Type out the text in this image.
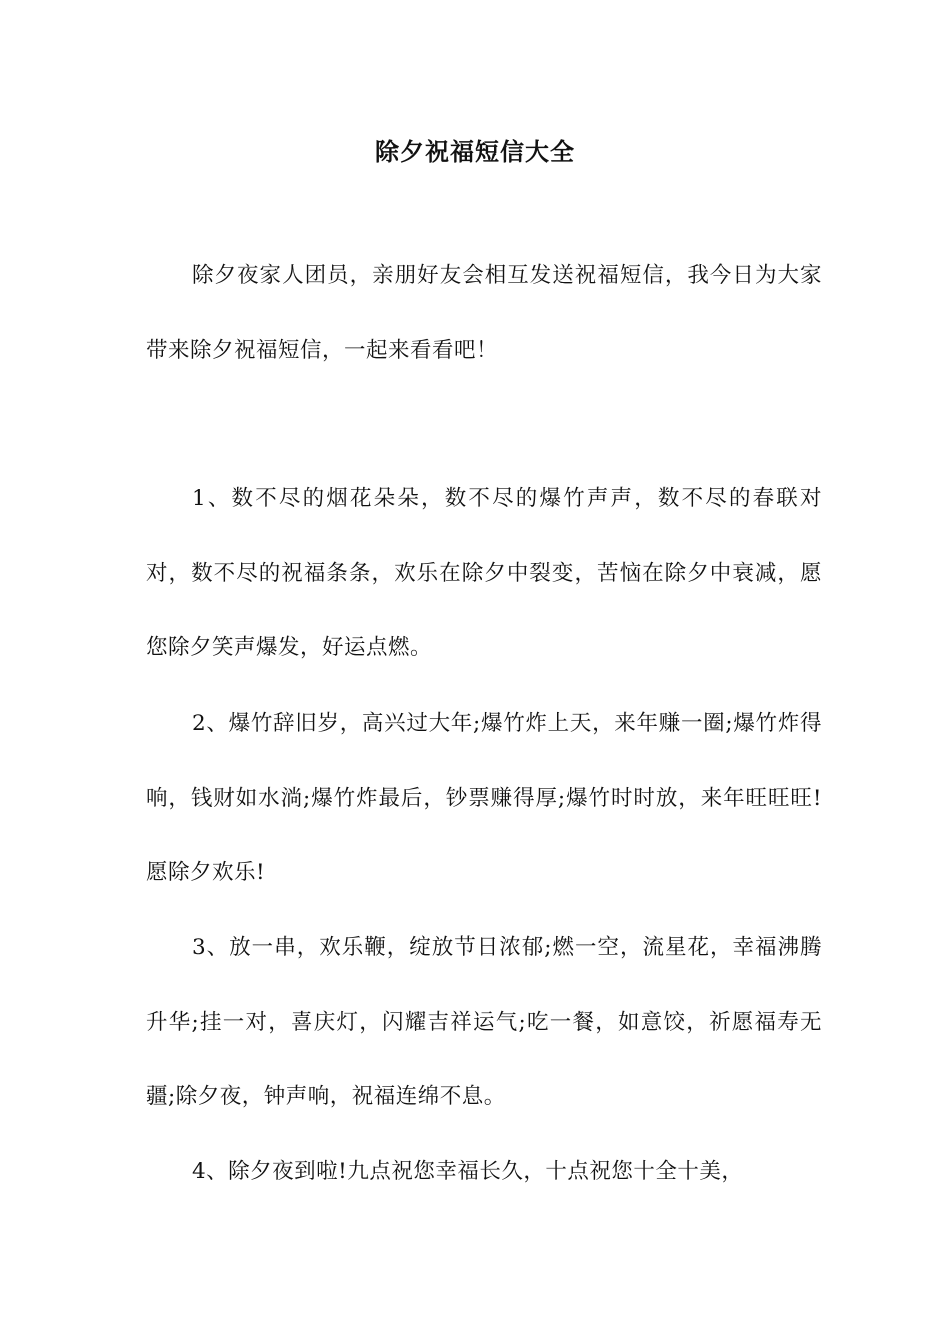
除夕祝福短信大全

除夕夜家人团员，亲朋好友会相互发送祝福短信，我今日为大家带来除夕祝福短信，一起来看看吧！

1、数不尽的烟花朵朵，数不尽的爆竹声声，数不尽的春联对对，数不尽的祝福条条，欢乐在除夕中裂变，苦恼在除夕中衰减，愿您除夕笑声爆发，好运点燃。

2、爆竹辞旧岁，高兴过大年;爆竹炸上天，来年赚一圈;爆竹炸得响，钱财如水淌;爆竹炸最后，钞票赚得厚;爆竹时时放，来年旺旺旺!愿除夕欢乐!

3、放一串，欢乐鞭，绽放节日浓郁;燃一空，流星花，幸福沸腾升华;挂一对，喜庆灯，闪耀吉祥运气;吃一餐，如意饺，祈愿福寿无疆;除夕夜，钟声响，祝福连绵不息。

4、除夕夜到啦!九点祝您幸福长久，十点祝您十全十美，
